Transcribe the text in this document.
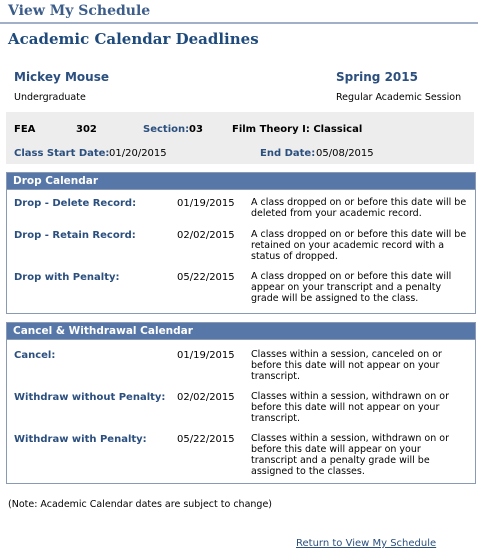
View My Schedule
Academic Calendar Deadlines
Mickey Mouse
Undergraduate
Spring 2015
Regular Academic Session
FEA	302	Section: 03	Film Theory I: Classical
Class Start Date: 01/20/2015	End Date: 05/08/2015
Drop Calendar
Drop - Delete Record:	01/19/2015 A class dropped on or before this date will be deleted from your academic record.
Drop - Retain Record:	02/02/2015 A class dropped on or before this date will be retained on your academic record with a status of dropped.
Drop with Penalty:	05/22/2015 A class dropped on or before this date will appear on your transcript and a penalty grade will be assigned to the class.
Cancel & Withdrawal Calendar
Cancel:	01/19/2015 Classes within a session, canceled on or before this date will not appear on your transcript.
Withdraw without Penalty: 02/02/2015 Classes within a session, withdrawn on or before this date will not appear on your transcript.
Withdraw with Penalty:	05/22/2015 Classes within a session, withdrawn on or before this date will appear on your transcript and a penalty grade will be assigned to the classes.
(Note: Academic Calendar dates are subject to change)
Return to View My Schedule
